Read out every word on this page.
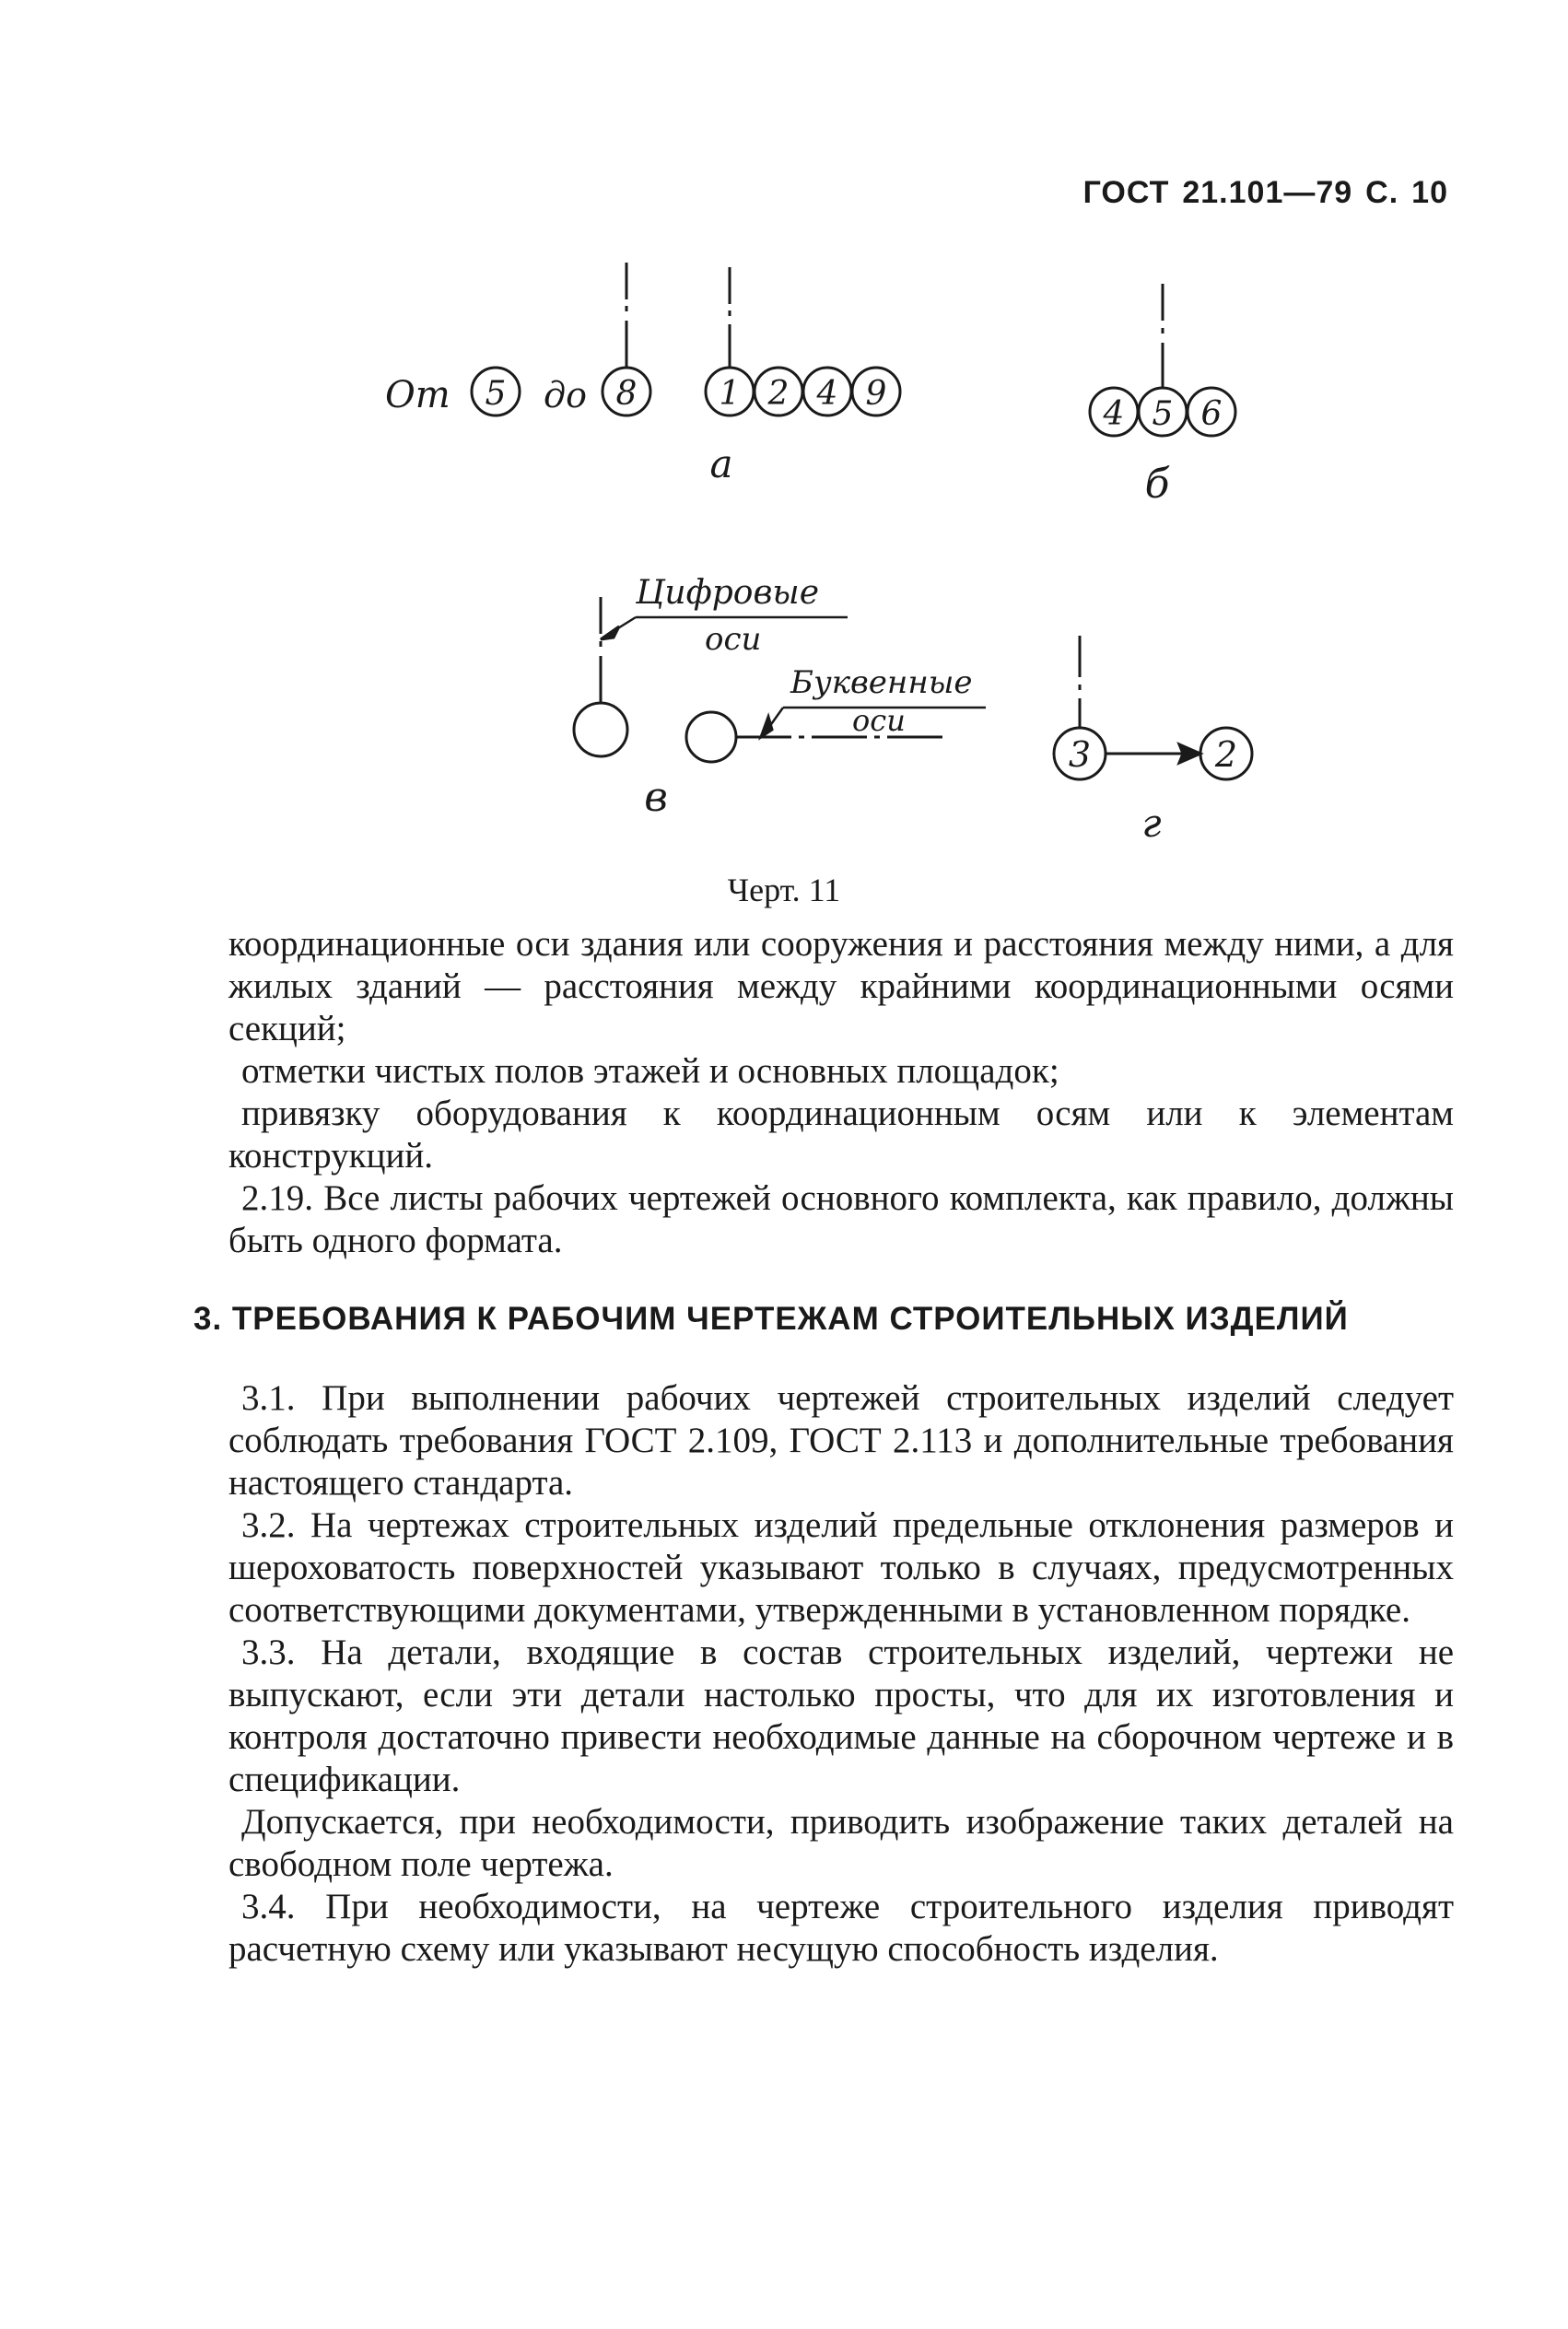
ГОСТ 21.101—79 С. 10
От 5 до 8 1 2 4 9
а
4 5 6
б
Цифровые
оси
Буквенные
оси
в
3	2
г
Черт. 11

координационные оси здания или сооружения и расстояния между ними, а для жилых зданий — расстояния между крайними координационными осями секций;

отметки чистых полов этажей и основных площадок;

привязку оборудования к координационным осям или к элементам конструкций.

2.19. Все листы рабочих чертежей основного комплекта, как правило, должны быть одного формата.

3. ТРЕБОВАНИЯ К РАБОЧИМ ЧЕРТЕЖАМ СТРОИТЕЛЬНЫХ ИЗДЕЛИЙ

3.1. При выполнении рабочих чертежей строительных изделий следует соблюдать требования ГОСТ 2.109, ГОСТ 2.113 и дополнительные требования настоящего стандарта.

3.2. На чертежах строительных изделий предельные отклонения размеров и шероховатость поверхностей указывают только в случаях, предусмотренных соответствующими документами, утвержденными в установленном порядке.

3.3. На детали, входящие в состав строительных изделий, чертежи не выпускают, если эти детали настолько просты, что для их изготовления и контроля достаточно привести необходимые данные на сборочном чертеже и в спецификации.

Допускается, при необходимости, приводить изображение таких деталей на свободном поле чертежа.

3.4. При необходимости, на чертеже строительного изделия приводят расчетную схему или указывают несущую способность изделия.
